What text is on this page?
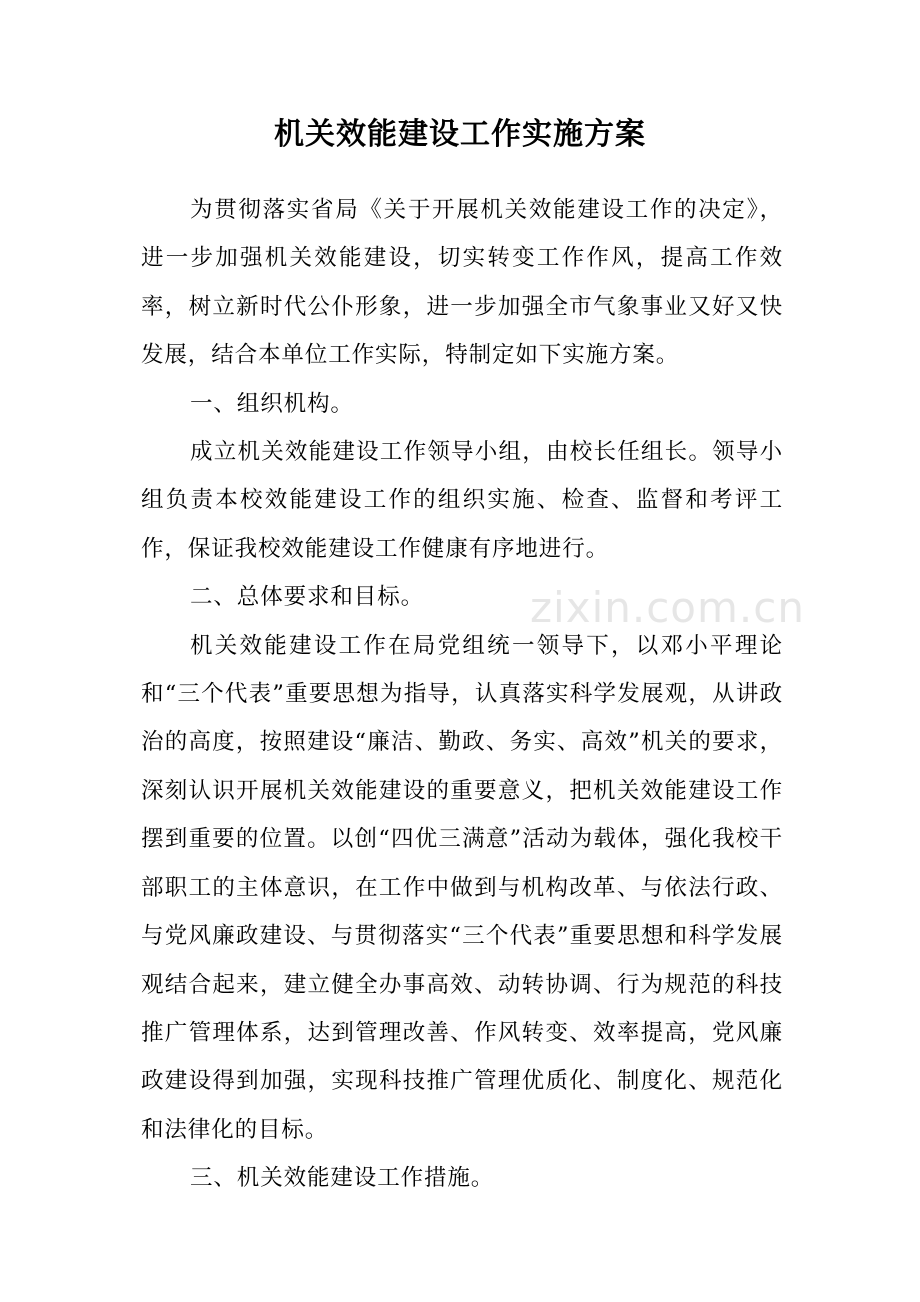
zixin.com.cn
机关效能建设工作实施方案

为贯彻落实省局《关于开展机关效能建设工作的决定》，进一步加强机关效能建设，切实转变工作作风，提高工作效率，树立新时代公仆形象，进一步加强全市气象事业又好又快发展，结合本单位工作实际，特制定如下实施方案。

一、组织机构。

成立机关效能建设工作领导小组，由校长任组长。领导小组负责本校效能建设工作的组织实施、检查、监督和考评工作，保证我校效能建设工作健康有序地进行。

二、总体要求和目标。

机关效能建设工作在局党组统一领导下，以邓小平理论和“三个代表”重要思想为指导，认真落实科学发展观，从讲政治的高度，按照建设“廉洁、勤政、务实、高效”机关的要求，深刻认识开展机关效能建设的重要意义，把机关效能建设工作摆到重要的位置。以创“四优三满意”活动为载体，强化我校干部职工的主体意识，在工作中做到与机构改革、与依法行政、与党风廉政建设、与贯彻落实“三个代表”重要思想和科学发展观结合起来，建立健全办事高效、动转协调、行为规范的科技推广管理体系，达到管理改善、作风转变、效率提高，党风廉政建设得到加强，实现科技推广管理优质化、制度化、规范化和法律化的目标。

三、机关效能建设工作措施。
